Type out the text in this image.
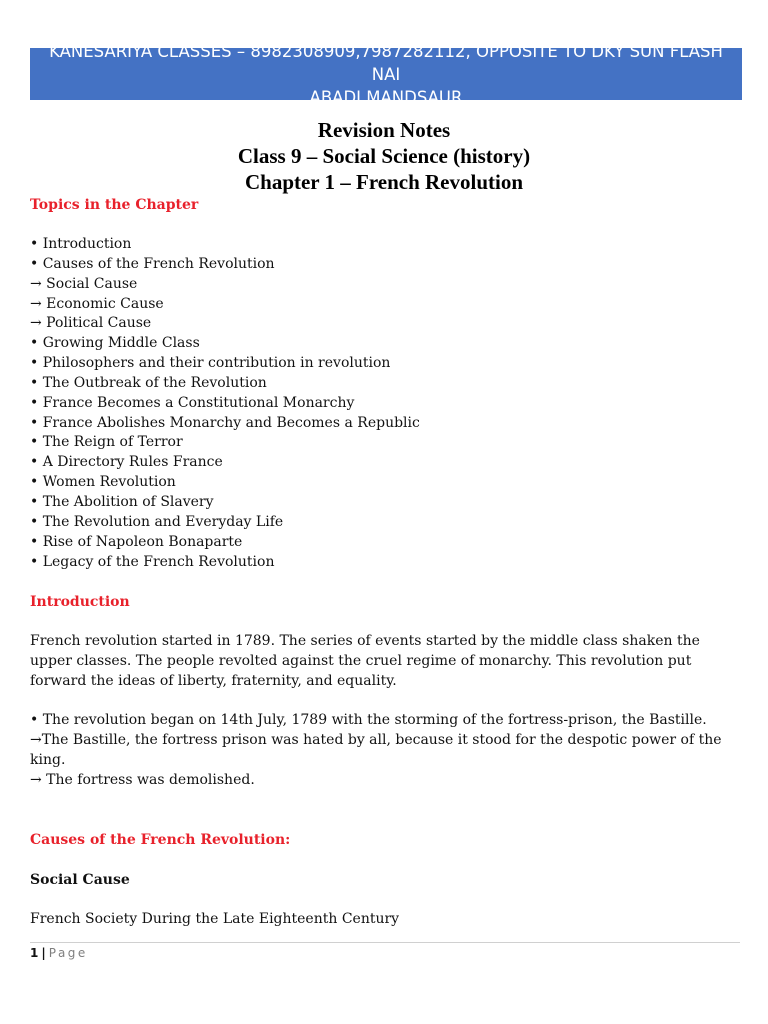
KANESARIYA CLASSES – 8982308909,7987282112, OPPOSITE TO DKY SUN FLASH NAI
ABADI MANDSAUR
Revision Notes
Class 9 – Social Science (history)
Chapter 1 – French Revolution
Topics in the Chapter
• Introduction
• Causes of the French Revolution
→ Social Cause
→ Economic Cause
→ Political Cause
• Growing Middle Class
• Philosophers and their contribution in revolution
• The Outbreak of the Revolution
• France Becomes a Constitutional Monarchy
• France Abolishes Monarchy and Becomes a Republic
• The Reign of Terror
• A Directory Rules France
• Women Revolution
• The Abolition of Slavery
• The Revolution and Everyday Life
• Rise of Napoleon Bonaparte
• Legacy of the French Revolution
Introduction

French revolution started in 1789. The series of events started by the middle class shaken the upper classes. The people revolted against the cruel regime of monarchy. This revolution put forward the ideas of liberty, fraternity, and equality.

• The revolution began on 14th July, 1789 with the storming of the fortress-prison, the Bastille.

→The Bastille, the fortress prison was hated by all, because it stood for the despotic power of the king.

→ The fortress was demolished.

Causes of the French Revolution:
Social Cause

French Society During the Late Eighteenth Century

1 | Page
